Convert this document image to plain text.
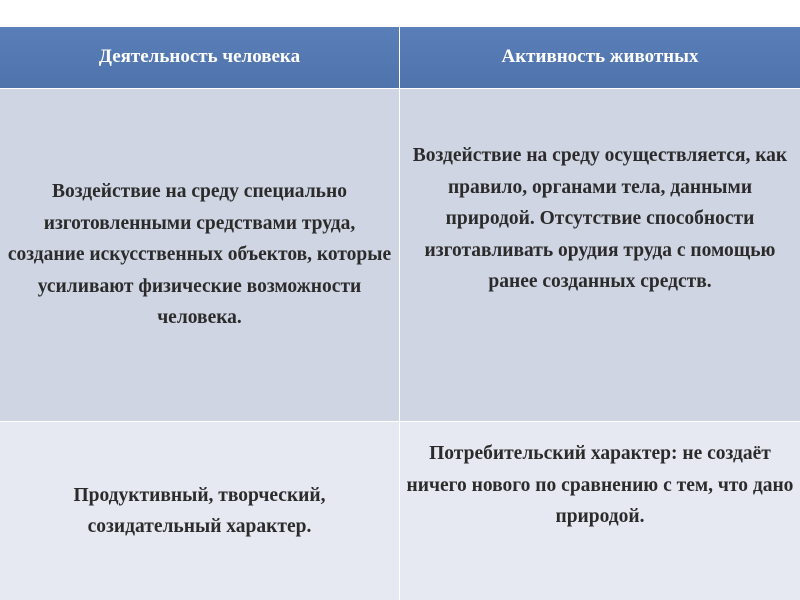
Деятельность человека	Активность животных
Воздействие на среду специально изготовленными средствами труда, создание искусственных объектов, которые усиливают физические возможности человека.
Воздействие на среду осуществляется, как правило, органами тела, данными природой. Отсутствие способности изготавливать орудия труда с помощью ранее созданных средств.
Продуктивный, творческий, созидательный характер.
Потребительский характер: не создаёт ничего нового по сравнению с тем, что дано природой.
